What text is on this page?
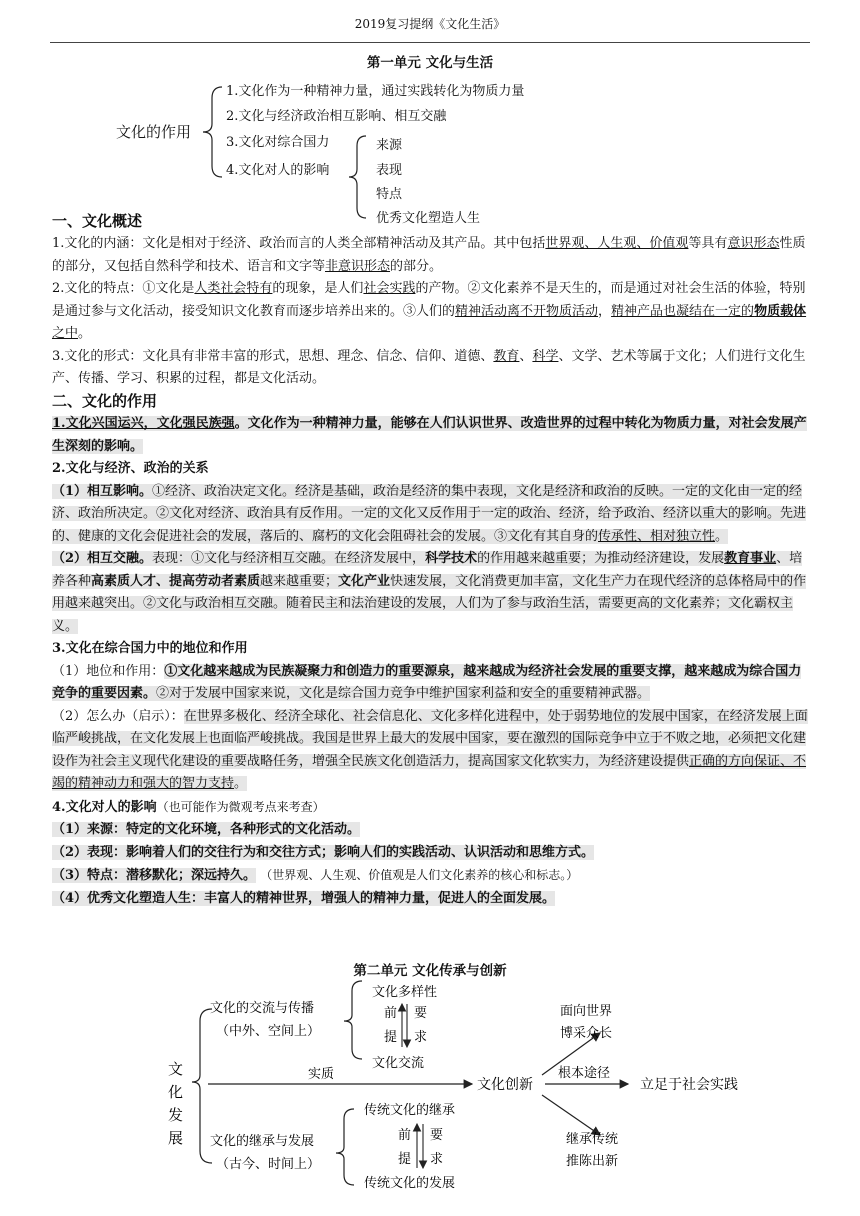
2019复习提纲《文化生活》
第一单元 文化与生活
文化的作用
1.文化作为一种精神力量，通过实践转化为物质力量
2.文化与经济政治相互影响、相互交融
3.文化对综合国力
4.文化对人的影响
来源
表现
特点
优秀文化塑造人生
一、文化概述

1.文化的内涵：文化是相对于经济、政治而言的人类全部精神活动及其产品。其中包括世界观、人生观、价值观等具有意识形态性质的部分，又包括自然科学和技术、语言和文字等非意识形态的部分。

2.文化的特点：①文化是人类社会特有的现象，是人们社会实践的产物。②文化素养不是天生的，而是通过对社会生活的体验，特别是通过参与文化活动，接受知识文化教育而逐步培养出来的。③人们的精神活动离不开物质活动，精神产品也凝结在一定的物质载体之中。

3.文化的形式：文化具有非常丰富的形式，思想、理念、信念、信仰、道德、教育、科学、文学、艺术等属于文化；人们进行文化生产、传播、学习、积累的过程，都是文化活动。

二、文化的作用

1.文化兴国运兴，文化强民族强。文化作为一种精神力量，能够在人们认识世界、改造世界的过程中转化为物质力量，对社会发展产生深刻的影响。

2.文化与经济、政治的关系

（1）相互影响。①经济、政治决定文化。经济是基础，政治是经济的集中表现，文化是经济和政治的反映。一定的文化由一定的经济、政治所决定。②文化对经济、政治具有反作用。一定的文化又反作用于一定的政治、经济，给予政治、经济以重大的影响。先进的、健康的文化会促进社会的发展，落后的、腐朽的文化会阻碍社会的发展。③文化有其自身的传承性、相对独立性。

（2）相互交融。表现：①文化与经济相互交融。在经济发展中，科学技术的作用越来越重要；为推动经济建设，发展教育事业、培养各种高素质人才、提高劳动者素质越来越重要；文化产业快速发展，文化消费更加丰富，文化生产力在现代经济的总体格局中的作用越来越突出。②文化与政治相互交融。随着民主和法治建设的发展，人们为了参与政治生活，需要更高的文化素养；文化霸权主义。

3.文化在综合国力中的地位和作用

（1）地位和作用：①文化越来越成为民族凝聚力和创造力的重要源泉，越来越成为经济社会发展的重要支撑，越来越成为综合国力竞争的重要因素。②对于发展中国家来说，文化是综合国力竞争中维护国家利益和安全的重要精神武器。

（2）怎么办（启示）：在世界多极化、经济全球化、社会信息化、文化多样化进程中，处于弱势地位的发展中国家，在经济发展上面临严峻挑战，在文化发展上也面临严峻挑战。我国是世界上最大的发展中国家，要在激烈的国际竞争中立于不败之地，必须把文化建设作为社会主义现代化建设的重要战略任务，增强全民族文化创造活力，提高国家文化软实力，为经济建设提供正确的方向保证、不竭的精神动力和强大的智力支持。

4.文化对人的影响（也可能作为微观考点来考查）

（1）来源：特定的文化环境，各种形式的文化活动。

（2）表现：影响着人们的交往行为和交往方式；影响人们的实践活动、认识活动和思维方式。

（3）特点：潜移默化；深远持久。 （世界观、人生观、价值观是人们文化素养的核心和标志。）

（4）优秀文化塑造人生：丰富人的精神世界，增强人的精神力量，促进人的全面发展。

第二单元 文化传承与创新
文
化
发
展
文化的交流与传播
（中外、空间上）
文化多样性
文化交流
前
提
要
求
文化的继承与发展
（古今、时间上）
传统文化的继承
传统文化的发展
前
提
要
求
实质
文化创新
面向世界
博采众长
根本途径
立足于社会实践
继承传统
推陈出新
